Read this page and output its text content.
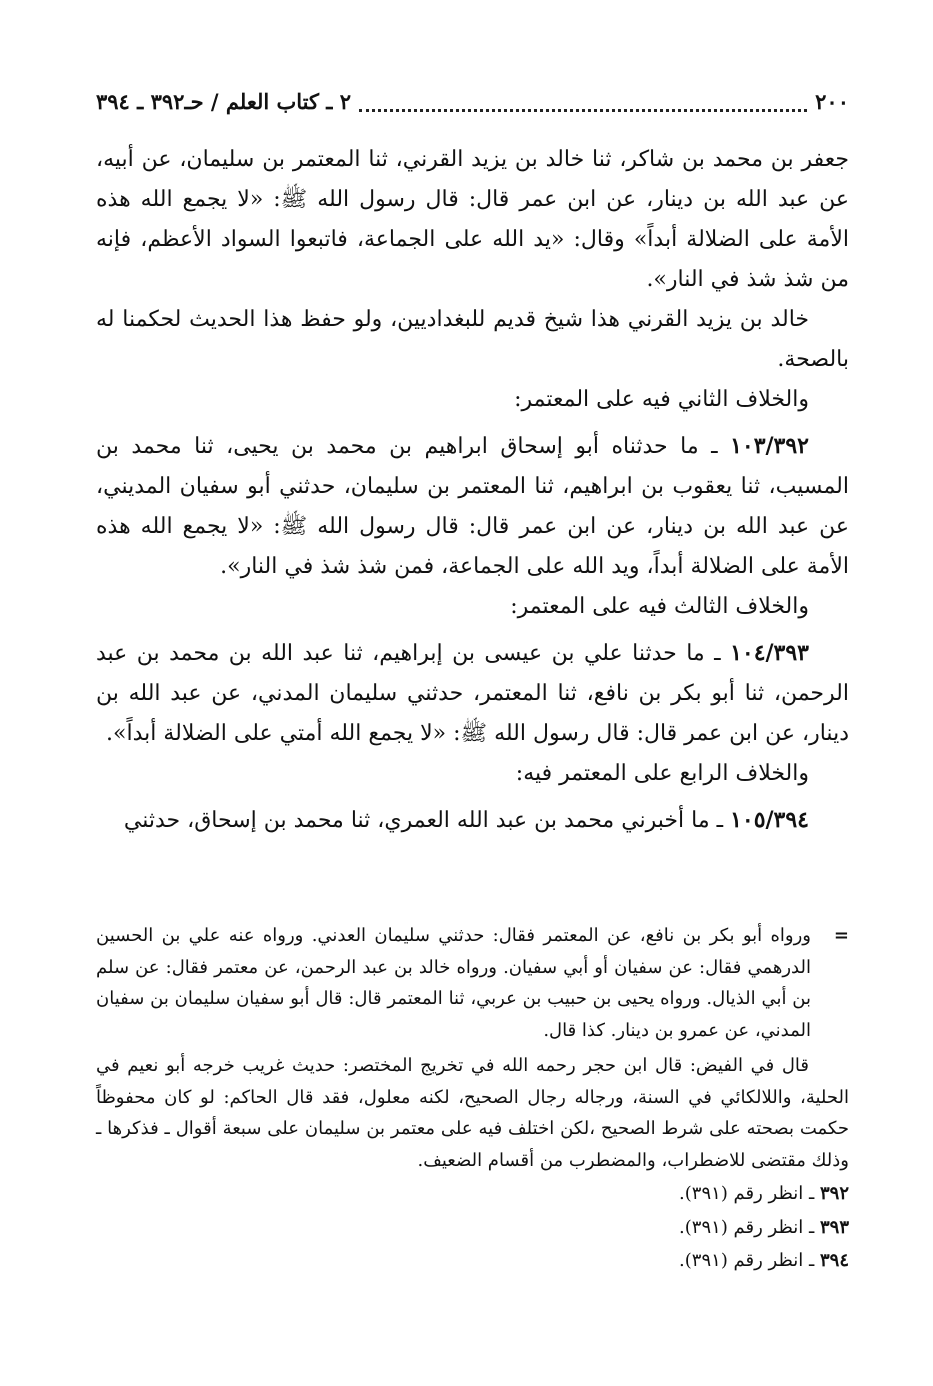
٢٠٠
٢ ـ كتاب العلم / حـ٣٩٢ ـ ٣٩٤

جعفر بن محمد بن شاكر، ثنا خالد بن يزيد القرني، ثنا المعتمر بن سليمان، عن أبيه، عن عبد الله بن دينار، عن ابن عمر قال: قال رسول الله ﷺ: «لا يجمع الله هذه الأمة على الضلالة أبداً» وقال: «يد الله على الجماعة، فاتبعوا السواد الأعظم، فإنه من شذ شذ في النار».

خالد بن يزيد القرني هذا شيخ قديم للبغداديين، ولو حفظ هذا الحديث لحكمنا له بالصحة.

والخلاف الثاني فيه على المعتمر:

١٠٣/٣٩٢ ـ ما حدثناه أبو إسحاق ابراهيم بن محمد بن يحيى، ثنا محمد بن المسيب، ثنا يعقوب بن ابراهيم، ثنا المعتمر بن سليمان، حدثني أبو سفيان المديني، عن عبد الله بن دينار، عن ابن عمر قال: قال رسول الله ﷺ: «لا يجمع الله هذه الأمة على الضلالة أبداً، ويد الله على الجماعة، فمن شذ شذ في النار».

والخلاف الثالث فيه على المعتمر:

١٠٤/٣٩٣ ـ ما حدثنا علي بن عيسى بن إبراهيم، ثنا عبد الله بن محمد بن عبد الرحمن، ثنا أبو بكر بن نافع، ثنا المعتمر، حدثني سليمان المدني، عن عبد الله بن دينار، عن ابن عمر قال: قال رسول الله ﷺ: «لا يجمع الله أمتي على الضلالة أبداً».

والخلاف الرابع على المعتمر فيه:

١٠٥/٣٩٤ ـ ما أخبرني محمد بن عبد الله العمري، ثنا محمد بن إسحاق، حدثني

=
ورواه أبو بكر بن نافع، عن المعتمر فقال: حدثني سليمان العدني. ورواه عنه علي بن الحسين الدرهمي فقال: عن سفيان أو أبي سفيان. ورواه خالد بن عبد الرحمن، عن معتمر فقال: عن سلم بن أبي الذيال. ورواه يحيى بن حبيب بن عربي، ثنا المعتمر قال: قال أبو سفيان سليمان بن سفيان المدني، عن عمرو بن دينار. كذا قال.

قال في الفيض: قال ابن حجر رحمه الله في تخريج المختصر: حديث غريب خرجه أبو نعيم في الحلية، واللالكائي في السنة، ورجاله رجال الصحيح، لكنه معلول، فقد قال الحاكم: لو كان محفوظاً حكمت بصحته على شرط الصحيح ،لكن اختلف فيه على معتمر بن سليمان على سبعة أقوال ـ فذكرها ـ وذلك مقتضى للاضطراب، والمضطرب من أقسام الضعيف.

٣٩٢ ـ انظر رقم (٣٩١).

٣٩٣ ـ انظر رقم (٣٩١).

٣٩٤ ـ انظر رقم (٣٩١).
